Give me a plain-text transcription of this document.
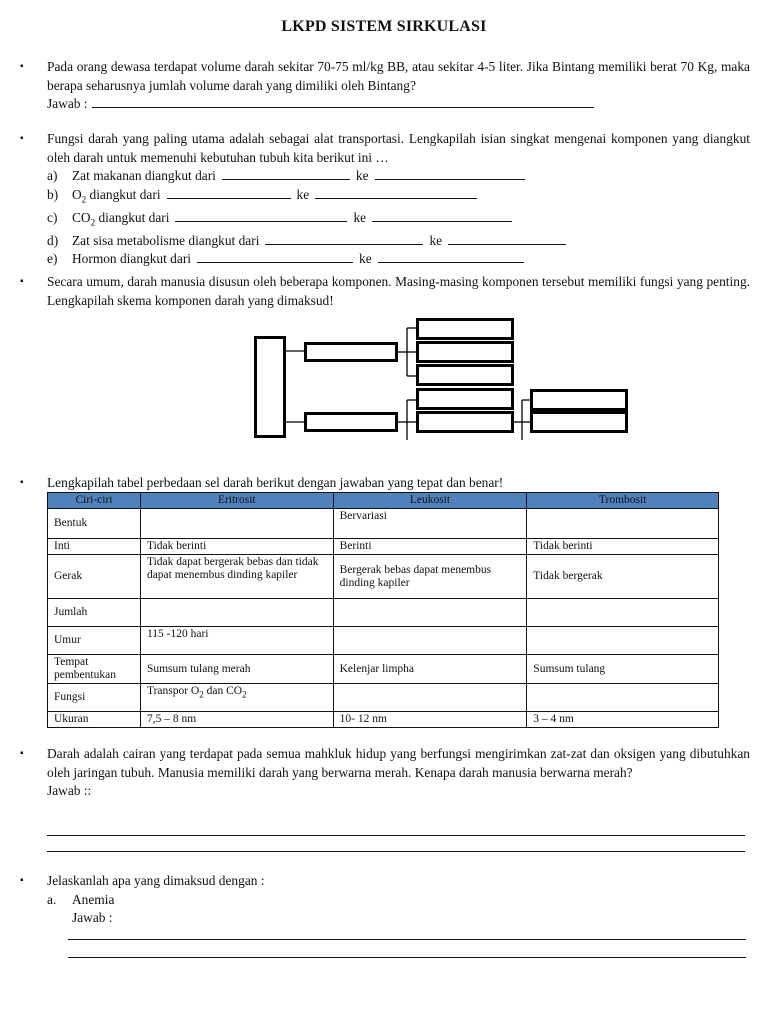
LKPD SISTEM SIRKULASI
▪ Pada orang dewasa terdapat volume darah sekitar 70-75 ml/kg BB, atau sekitar 4-5 liter. Jika Bintang memiliki berat 70 Kg, maka berapa seharusnya jumlah volume darah yang dimiliki oleh Bintang?
Jawab :
▪ Fungsi darah yang paling utama adalah sebagai alat transportasi. Lengkapilah isian singkat mengenai komponen yang diangkut oleh darah untuk memenuhi kebutuhan tubuh kita berikut ini …
a)	Zat makanan diangkut dari	ke
b)	$O_2$ diangkut dari	ke
c)	$CO_2$ diangkut dari	ke
d)	Zat sisa metabolisme diangkut dari	ke
e)	Hormon diangkut dari	ke
▪ Secara umum, darah manusia disusun oleh beberapa komponen. Masing-masing komponen tersebut memiliki fungsi yang penting. Lengkapilah skema komponen darah yang dimaksud!
▪ Lengkapilah tabel perbedaan sel darah berikut dengan jawaban yang tepat dan benar!
Ciri-ciri	Eritrosit	Leukosit	Trombosit
Bentuk		Bervariasi	
Inti	Tidak berinti	Berinti	Tidak berinti
Gerak	Tidak dapat bergerak bebas dan tidak dapat menembus dinding kapiler	Bergerak bebas dapat menembus dinding kapiler	Tidak bergerak
Jumlah			
Umur	115 -120 hari		
Tempat pembentukan	Sumsum tulang merah	Kelenjar limpha	Sumsum tulang
Fungsi	Transpor $O_2$ dan $CO_2$		
Ukuran	7,5 – 8 nm	10- 12 nm	3 – 4 nm
▪ Darah adalah cairan yang terdapat pada semua mahkluk hidup yang berfungsi mengirimkan zat-zat dan oksigen yang dibutuhkan oleh jaringan tubuh. Manusia memiliki darah yang berwarna merah. Kenapa darah manusia berwarna merah?
Jawab ::
▪ Jelaskanlah apa yang dimaksud dengan :
a.	Anemia
Jawab :
